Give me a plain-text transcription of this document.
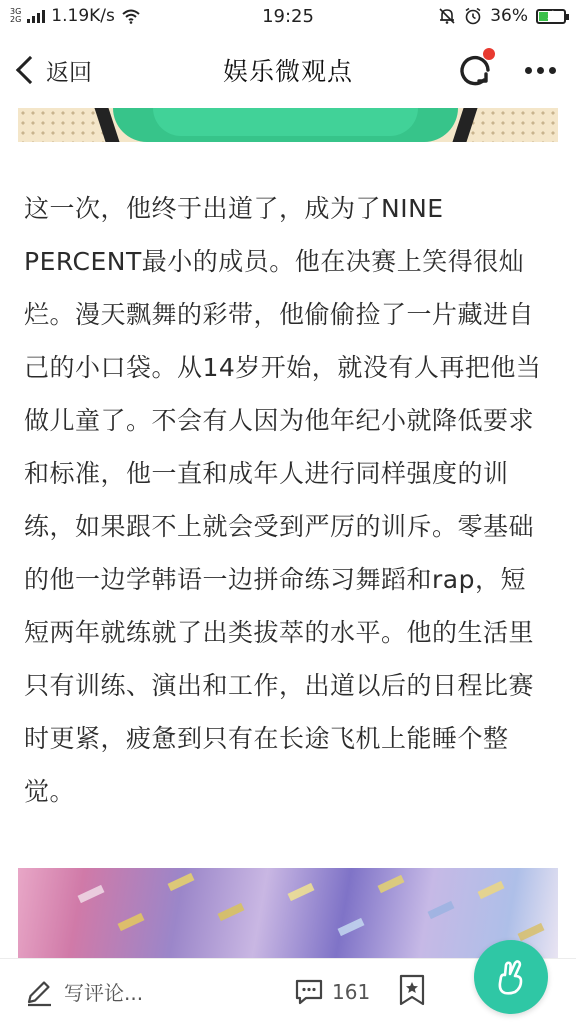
3G
2G 1.19K/s	19:25	36% ⚡
返回	娱乐微观点

这一次，他终于出道了，成为了NINE PERCENT最小的成员。他在决赛上笑得很灿烂。漫天飘舞的彩带，他偷偷捡了一片藏进自己的小口袋。从14岁开始，就没有人再把他当做儿童了。不会有人因为他年纪小就降低要求和标准，他一直和成年人进行同样强度的训练，如果跟不上就会受到严厉的训斥。零基础的他一边学韩语一边拼命练习舞蹈和rap，短短两年就练就了出类拔萃的水平。他的生活里只有训练、演出和工作，出道以后的日程比赛时更紧，疲惫到只有在长途飞机上能睡个整觉。

写评论...	161
